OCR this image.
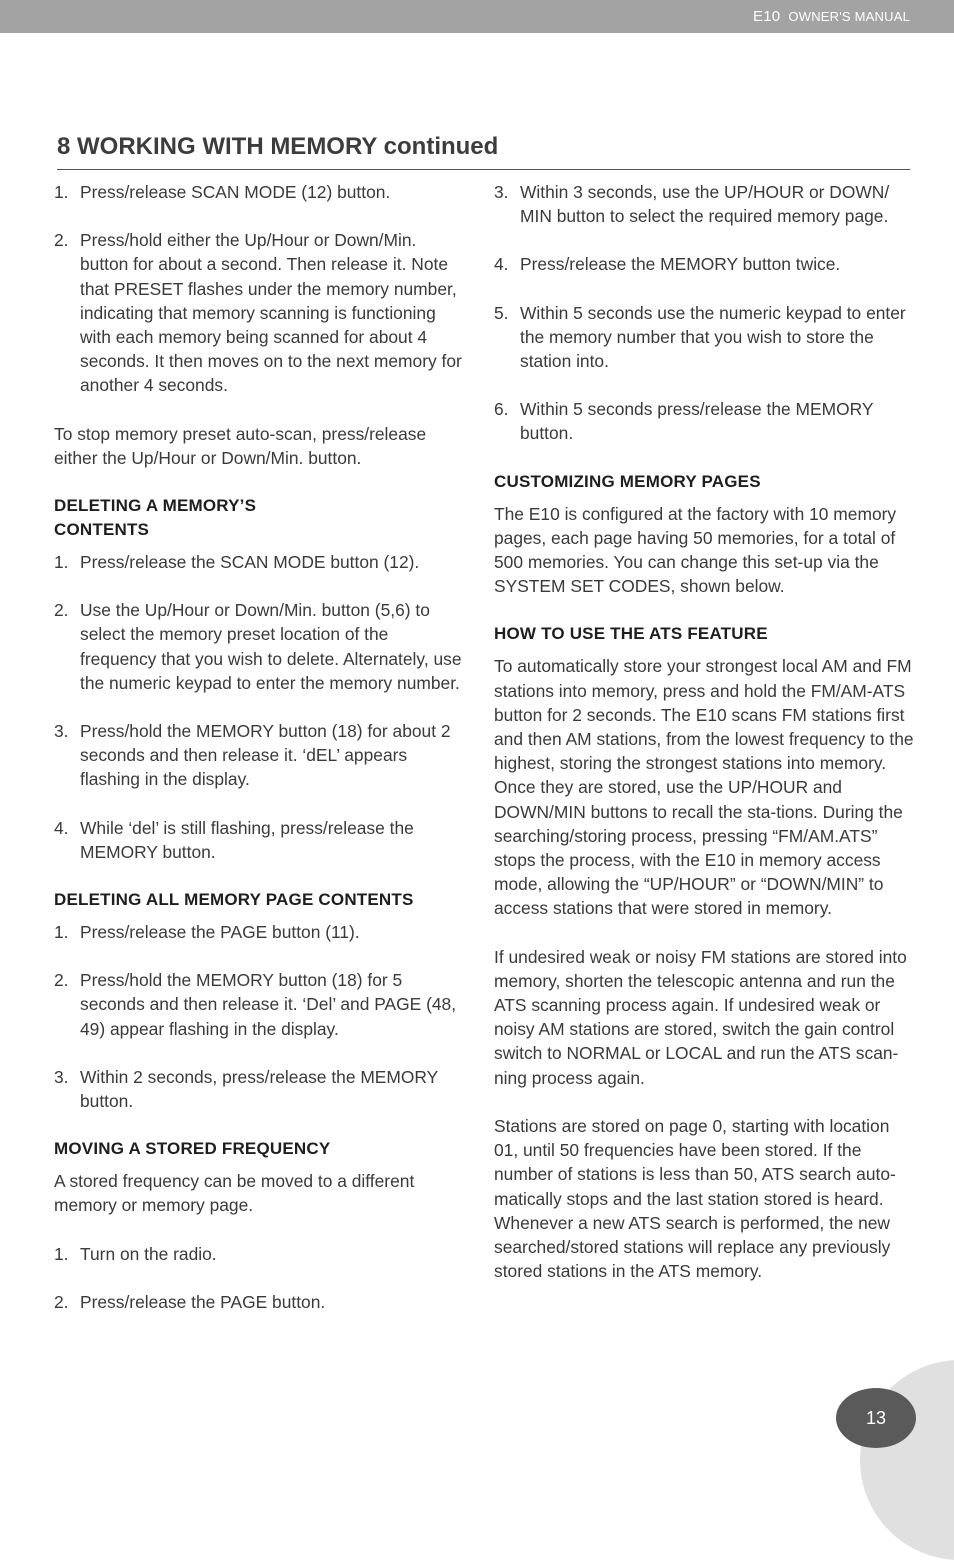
E10 OWNER'S MANUAL
8 WORKING WITH MEMORY continued
1. Press/release SCAN MODE (12) button.
2. Press/hold either the Up/Hour or Down/Min. button for about a second. Then release it. Note that PRESET flashes under the memory number, indicating that memory scanning is functioning with each memory being scanned for about 4 seconds. It then moves on to the next memory for another 4 seconds.

To stop memory preset auto-scan, press/release either the Up/Hour or Down/Min. button.

DELETING A MEMORY’S CONTENTS
1. Press/release the SCAN MODE button (12).
2. Use the Up/Hour or Down/Min. button (5,6) to select the memory preset location of the frequency that you wish to delete. Alternately, use the numeric keypad to enter the memory number.
3. Press/hold the MEMORY button (18) for about 2 seconds and then release it. ‘dEL’ appears flashing in the display.
4. While ‘del’ is still flashing, press/release the MEMORY button.
DELETING ALL MEMORY PAGE CONTENTS
1. Press/release the PAGE button (11).
2. Press/hold the MEMORY button (18) for 5 seconds and then release it. ‘Del’ and PAGE (48, 49) appear flashing in the display.
3. Within 2 seconds, press/release the MEMORY button.
MOVING A STORED FREQUENCY

A stored frequency can be moved to a different memory or memory page.

1. Turn on the radio.
2. Press/release the PAGE button.
3. Within 3 seconds, use the UP/HOUR or DOWN/ MIN button to select the required memory page.
4. Press/release the MEMORY button twice.
5. Within 5 seconds use the numeric keypad to enter the memory number that you wish to store the station into.
6. Within 5 seconds press/release the MEMORY button.
CUSTOMIZING MEMORY PAGES

The E10 is configured at the factory with 10 memory pages, each page having 50 memories, for a total of 500 memories. You can change this set-up via the SYSTEM SET CODES, shown below.

HOW TO USE THE ATS FEATURE

To automatically store your strongest local AM and FM stations into memory, press and hold the FM/AM-ATS button for 2 seconds. The E10 scans FM stations first and then AM stations, from the lowest frequency to the highest, storing the strongest stations into memory. Once they are stored, use the UP/HOUR and DOWN/MIN buttons to recall the sta-tions. During the searching/storing process, pressing “FM/AM.ATS” stops the process, with the E10 in memory access mode, allowing the “UP/HOUR” or “DOWN/MIN” to access stations that were stored in memory.

If undesired weak or noisy FM stations are stored into memory, shorten the telescopic antenna and run the ATS scanning process again. If undesired weak or noisy AM stations are stored, switch the gain control switch to NORMAL or LOCAL and run the ATS scan-ning process again.

Stations are stored on page 0, starting with location 01, until 50 frequencies have been stored. If the number of stations is less than 50, ATS search auto-matically stops and the last station stored is heard. Whenever a new ATS search is performed, the new searched/stored stations will replace any previously stored stations in the ATS memory.

13
